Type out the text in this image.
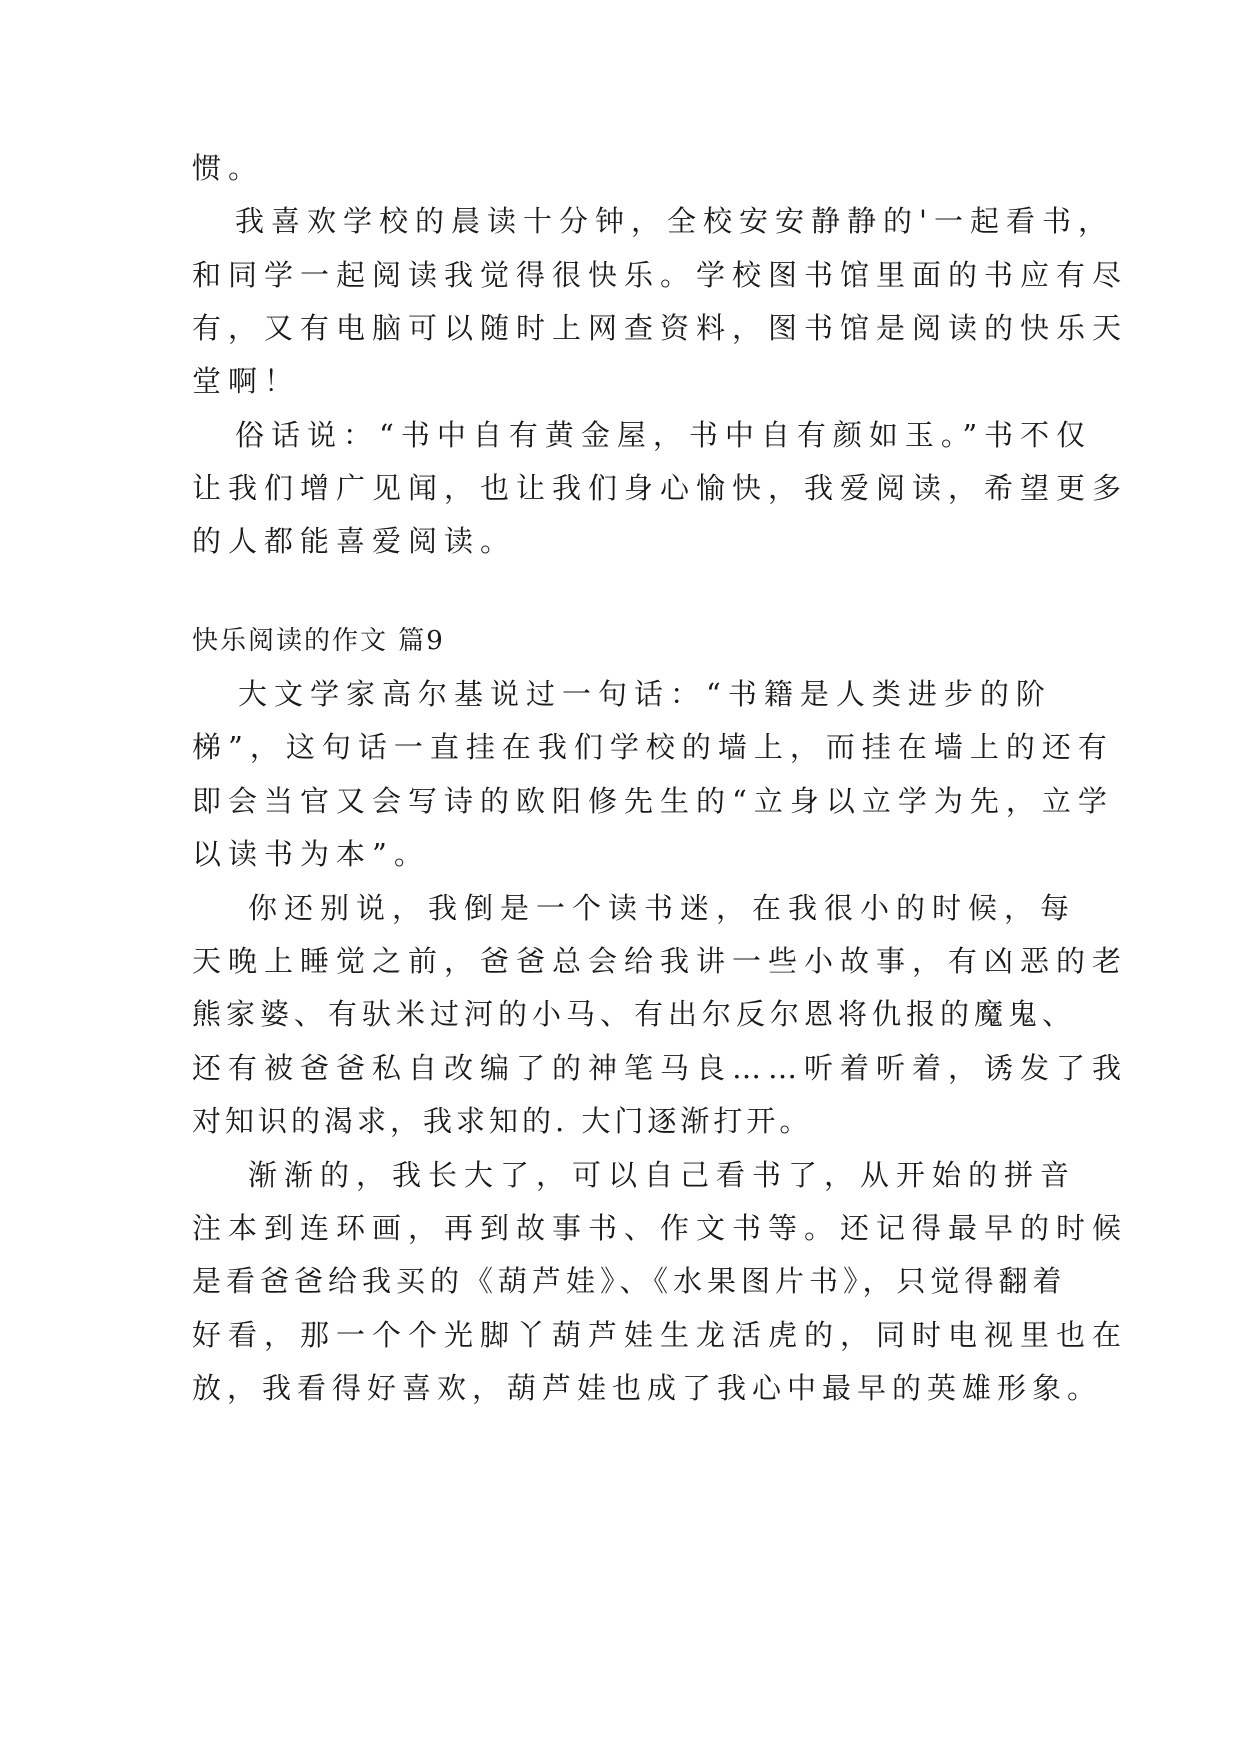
惯。
我喜欢学校的晨读十分钟，全校安安静静的'一起看书，
和同学一起阅读我觉得很快乐。学校图书馆里面的书应有尽
有，又有电脑可以随时上网查资料，图书馆是阅读的快乐天
堂啊！
俗话说：“书中自有黄金屋，书中自有颜如玉。”书不仅
让我们增广见闻，也让我们身心愉快，我爱阅读，希望更多
的人都能喜爱阅读。
快乐阅读的作文 篇9
大文学家高尔基说过一句话：“书籍是人类进步的阶
梯”，这句话一直挂在我们学校的墙上，而挂在墙上的还有
即会当官又会写诗的欧阳修先生的“立身以立学为先，立学
以读书为本”。
你还别说，我倒是一个读书迷，在我很小的时候，每
天晚上睡觉之前，爸爸总会给我讲一些小故事，有凶恶的老
熊家婆、有驮米过河的小马、有出尔反尔恩将仇报的魔鬼、
还有被爸爸私自改编了的神笔马良……听着听着，诱发了我
对知识的渴求，我求知的. 大门逐渐打开。
渐渐的，我长大了，可以自己看书了，从开始的拼音
注本到连环画，再到故事书、作文书等。还记得最早的时候
是看爸爸给我买的《葫芦娃》、《水果图片书》，只觉得翻着
好看，那一个个光脚丫葫芦娃生龙活虎的，同时电视里也在
放，我看得好喜欢，葫芦娃也成了我心中最早的英雄形象。
